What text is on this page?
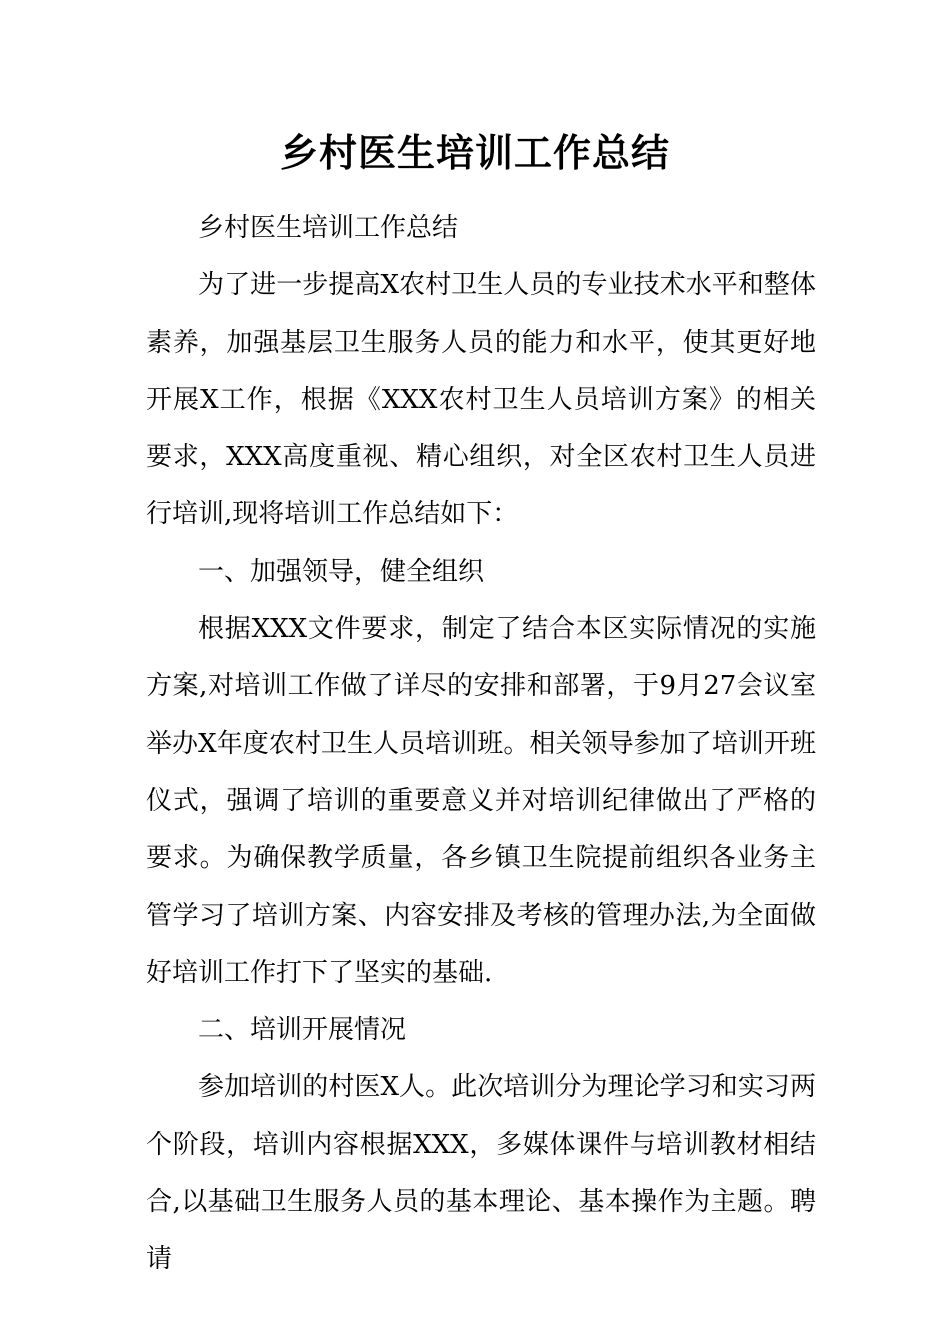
乡村医生培训工作总结

乡村医生培训工作总结

为了进一步提高X农村卫生人员的专业技术水平和整体素养，加强基层卫生服务人员的能力和水平，使其更好地开展X工作，根据《XXX农村卫生人员培训方案》的相关要求，XXX高度重视、精心组织，对全区农村卫生人员进行培训,现将培训工作总结如下：

一、加强领导，健全组织

根据XXX文件要求，制定了结合本区实际情况的实施方案,对培训工作做了详尽的安排和部署，于9月27会议室举办X年度农村卫生人员培训班。相关领导参加了培训开班仪式，强调了培训的重要意义并对培训纪律做出了严格的要求。为确保教学质量，各乡镇卫生院提前组织各业务主管学习了培训方案、内容安排及考核的管理办法,为全面做好培训工作打下了坚实的基础.

二、培训开展情况

参加培训的村医X人。此次培训分为理论学习和实习两个阶段，培训内容根据XXX，多媒体课件与培训教材相结合,以基础卫生服务人员的基本理论、基本操作为主题。聘请
